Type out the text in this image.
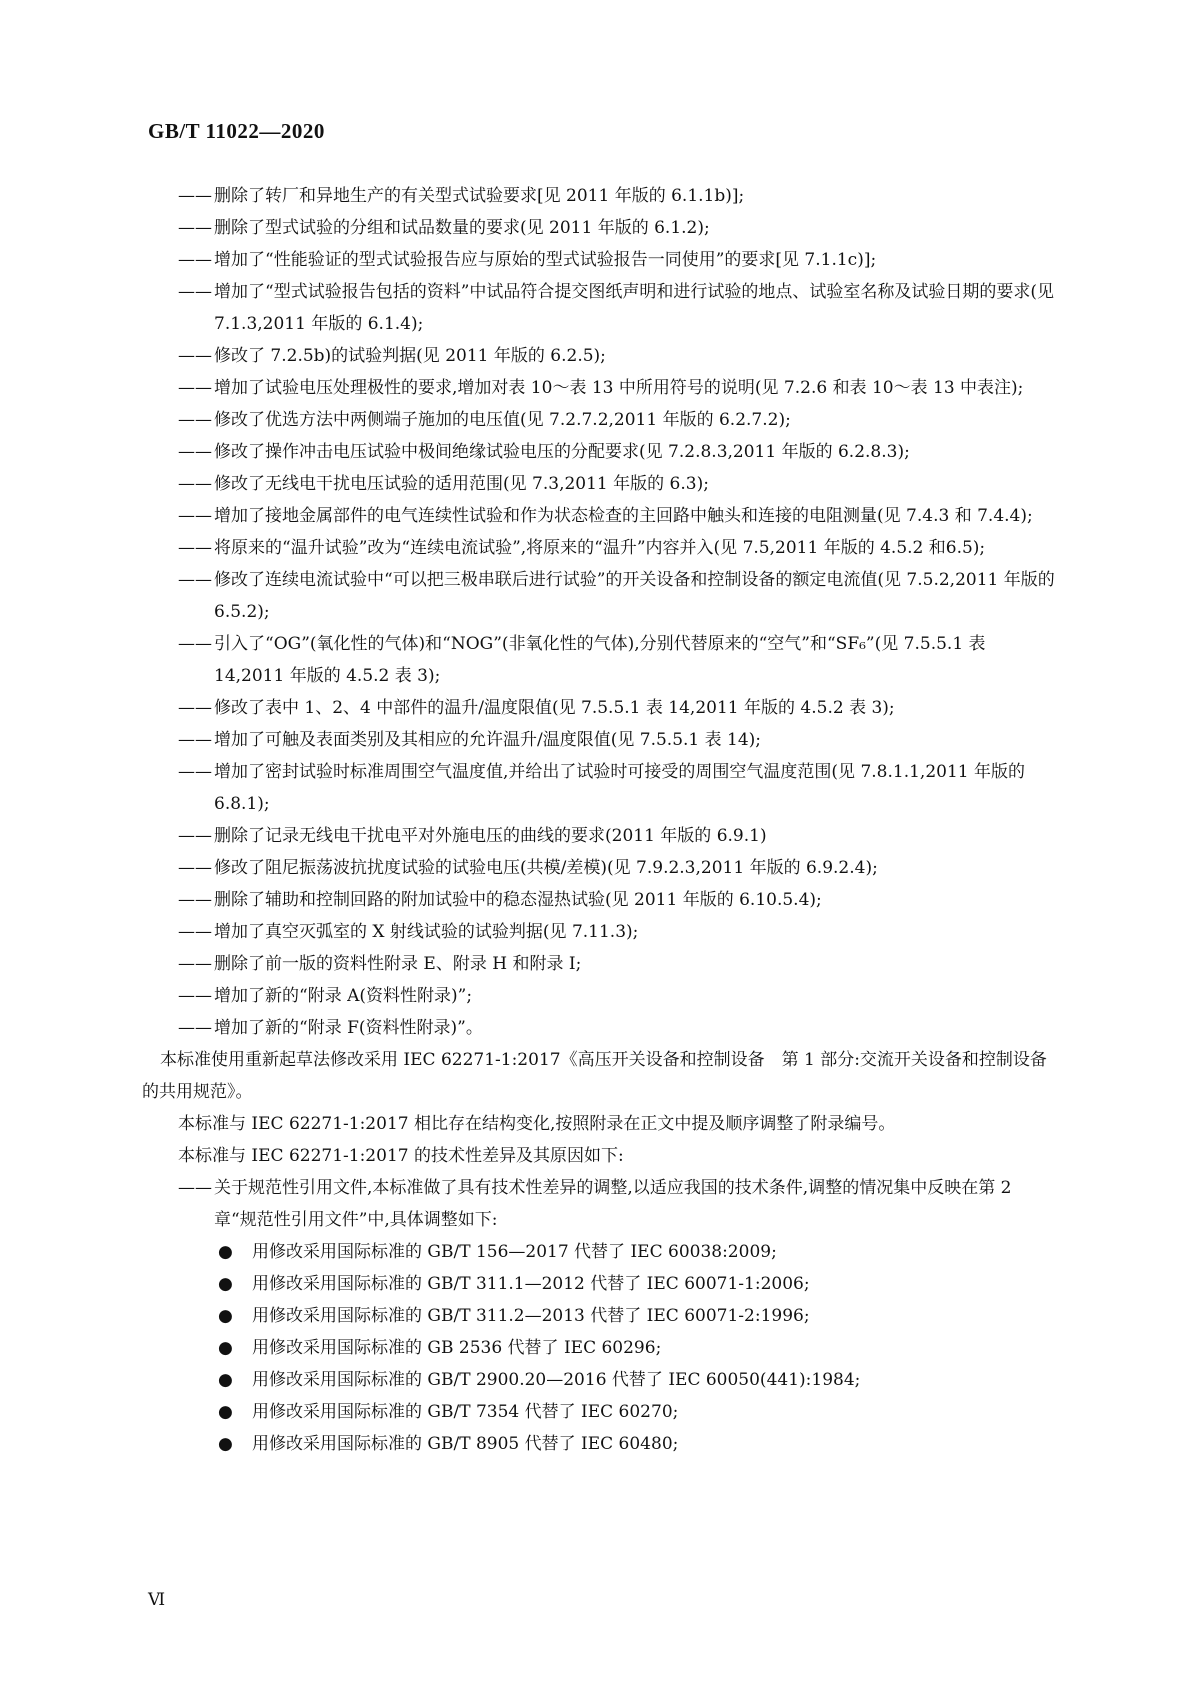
GB/T 11022—2020
—— 删除了转厂和异地生产的有关型式试验要求[见 2011 年版的 6.1.1b)];
—— 删除了型式试验的分组和试品数量的要求(见 2011 年版的 6.1.2);
—— 增加了“性能验证的型式试验报告应与原始的型式试验报告一同使用”的要求[见 7.1.1c)];
—— 增加了“型式试验报告包括的资料”中试品符合提交图纸声明和进行试验的地点、试验室名称及试验日期的要求(见 7.1.3,2011 年版的 6.1.4);
—— 修改了 7.2.5b)的试验判据(见 2011 年版的 6.2.5);
—— 增加了试验电压处理极性的要求,增加对表 10～表 13 中所用符号的说明(见 7.2.6 和表 10～表 13 中表注);
—— 修改了优选方法中两侧端子施加的电压值(见 7.2.7.2,2011 年版的 6.2.7.2);
—— 修改了操作冲击电压试验中极间绝缘试验电压的分配要求(见 7.2.8.3,2011 年版的 6.2.8.3);
—— 修改了无线电干扰电压试验的适用范围(见 7.3,2011 年版的 6.3);
—— 增加了接地金属部件的电气连续性试验和作为状态检查的主回路中触头和连接的电阻测量(见 7.4.3 和 7.4.4);
—— 将原来的“温升试验”改为“连续电流试验”,将原来的“温升”内容并入(见 7.5,2011 年版的 4.5.2 和6.5);
—— 修改了连续电流试验中“可以把三极串联后进行试验”的开关设备和控制设备的额定电流值(见 7.5.2,2011 年版的 6.5.2);
—— 引入了“OG”(氧化性的气体)和“NOG”(非氧化性的气体),分别代替原来的“空气”和“SF₆”(见 7.5.5.1 表 14,2011 年版的 4.5.2 表 3);
—— 修改了表中 1、2、4 中部件的温升/温度限值(见 7.5.5.1 表 14,2011 年版的 4.5.2 表 3);
—— 增加了可触及表面类别及其相应的允许温升/温度限值(见 7.5.5.1 表 14);
—— 增加了密封试验时标准周围空气温度值,并给出了试验时可接受的周围空气温度范围(见 7.8.1.1,2011 年版的 6.8.1);
—— 删除了记录无线电干扰电平对外施电压的曲线的要求(2011 年版的 6.9.1)
—— 修改了阻尼振荡波抗扰度试验的试验电压(共模/差模)(见 7.9.2.3,2011 年版的 6.9.2.4);
—— 删除了辅助和控制回路的附加试验中的稳态湿热试验(见 2011 年版的 6.10.5.4);
—— 增加了真空灭弧室的 X 射线试验的试验判据(见 7.11.3);
—— 删除了前一版的资料性附录 E、附录 H 和附录 I;
—— 增加了新的“附录 A(资料性附录)”;
—— 增加了新的“附录 F(资料性附录)”。
本标准使用重新起草法修改采用 IEC 62271-1:2017《高压开关设备和控制设备　第 1 部分:交流开关设备和控制设备的共用规范》。
本标准与 IEC 62271-1:2017 相比存在结构变化,按照附录在正文中提及顺序调整了附录编号。
本标准与 IEC 62271-1:2017 的技术性差异及其原因如下:
—— 关于规范性引用文件,本标准做了具有技术性差异的调整,以适应我国的技术条件,调整的情况集中反映在第 2 章“规范性引用文件”中,具体调整如下:
● 用修改采用国际标准的 GB/T 156—2017 代替了 IEC 60038:2009;
● 用修改采用国际标准的 GB/T 311.1—2012 代替了 IEC 60071-1:2006;
● 用修改采用国际标准的 GB/T 311.2—2013 代替了 IEC 60071-2:1996;
● 用修改采用国际标准的 GB 2536 代替了 IEC 60296;
● 用修改采用国际标准的 GB/T 2900.20—2016 代替了 IEC 60050(441):1984;
● 用修改采用国际标准的 GB/T 7354 代替了 IEC 60270;
● 用修改采用国际标准的 GB/T 8905 代替了 IEC 60480;
Ⅵ
